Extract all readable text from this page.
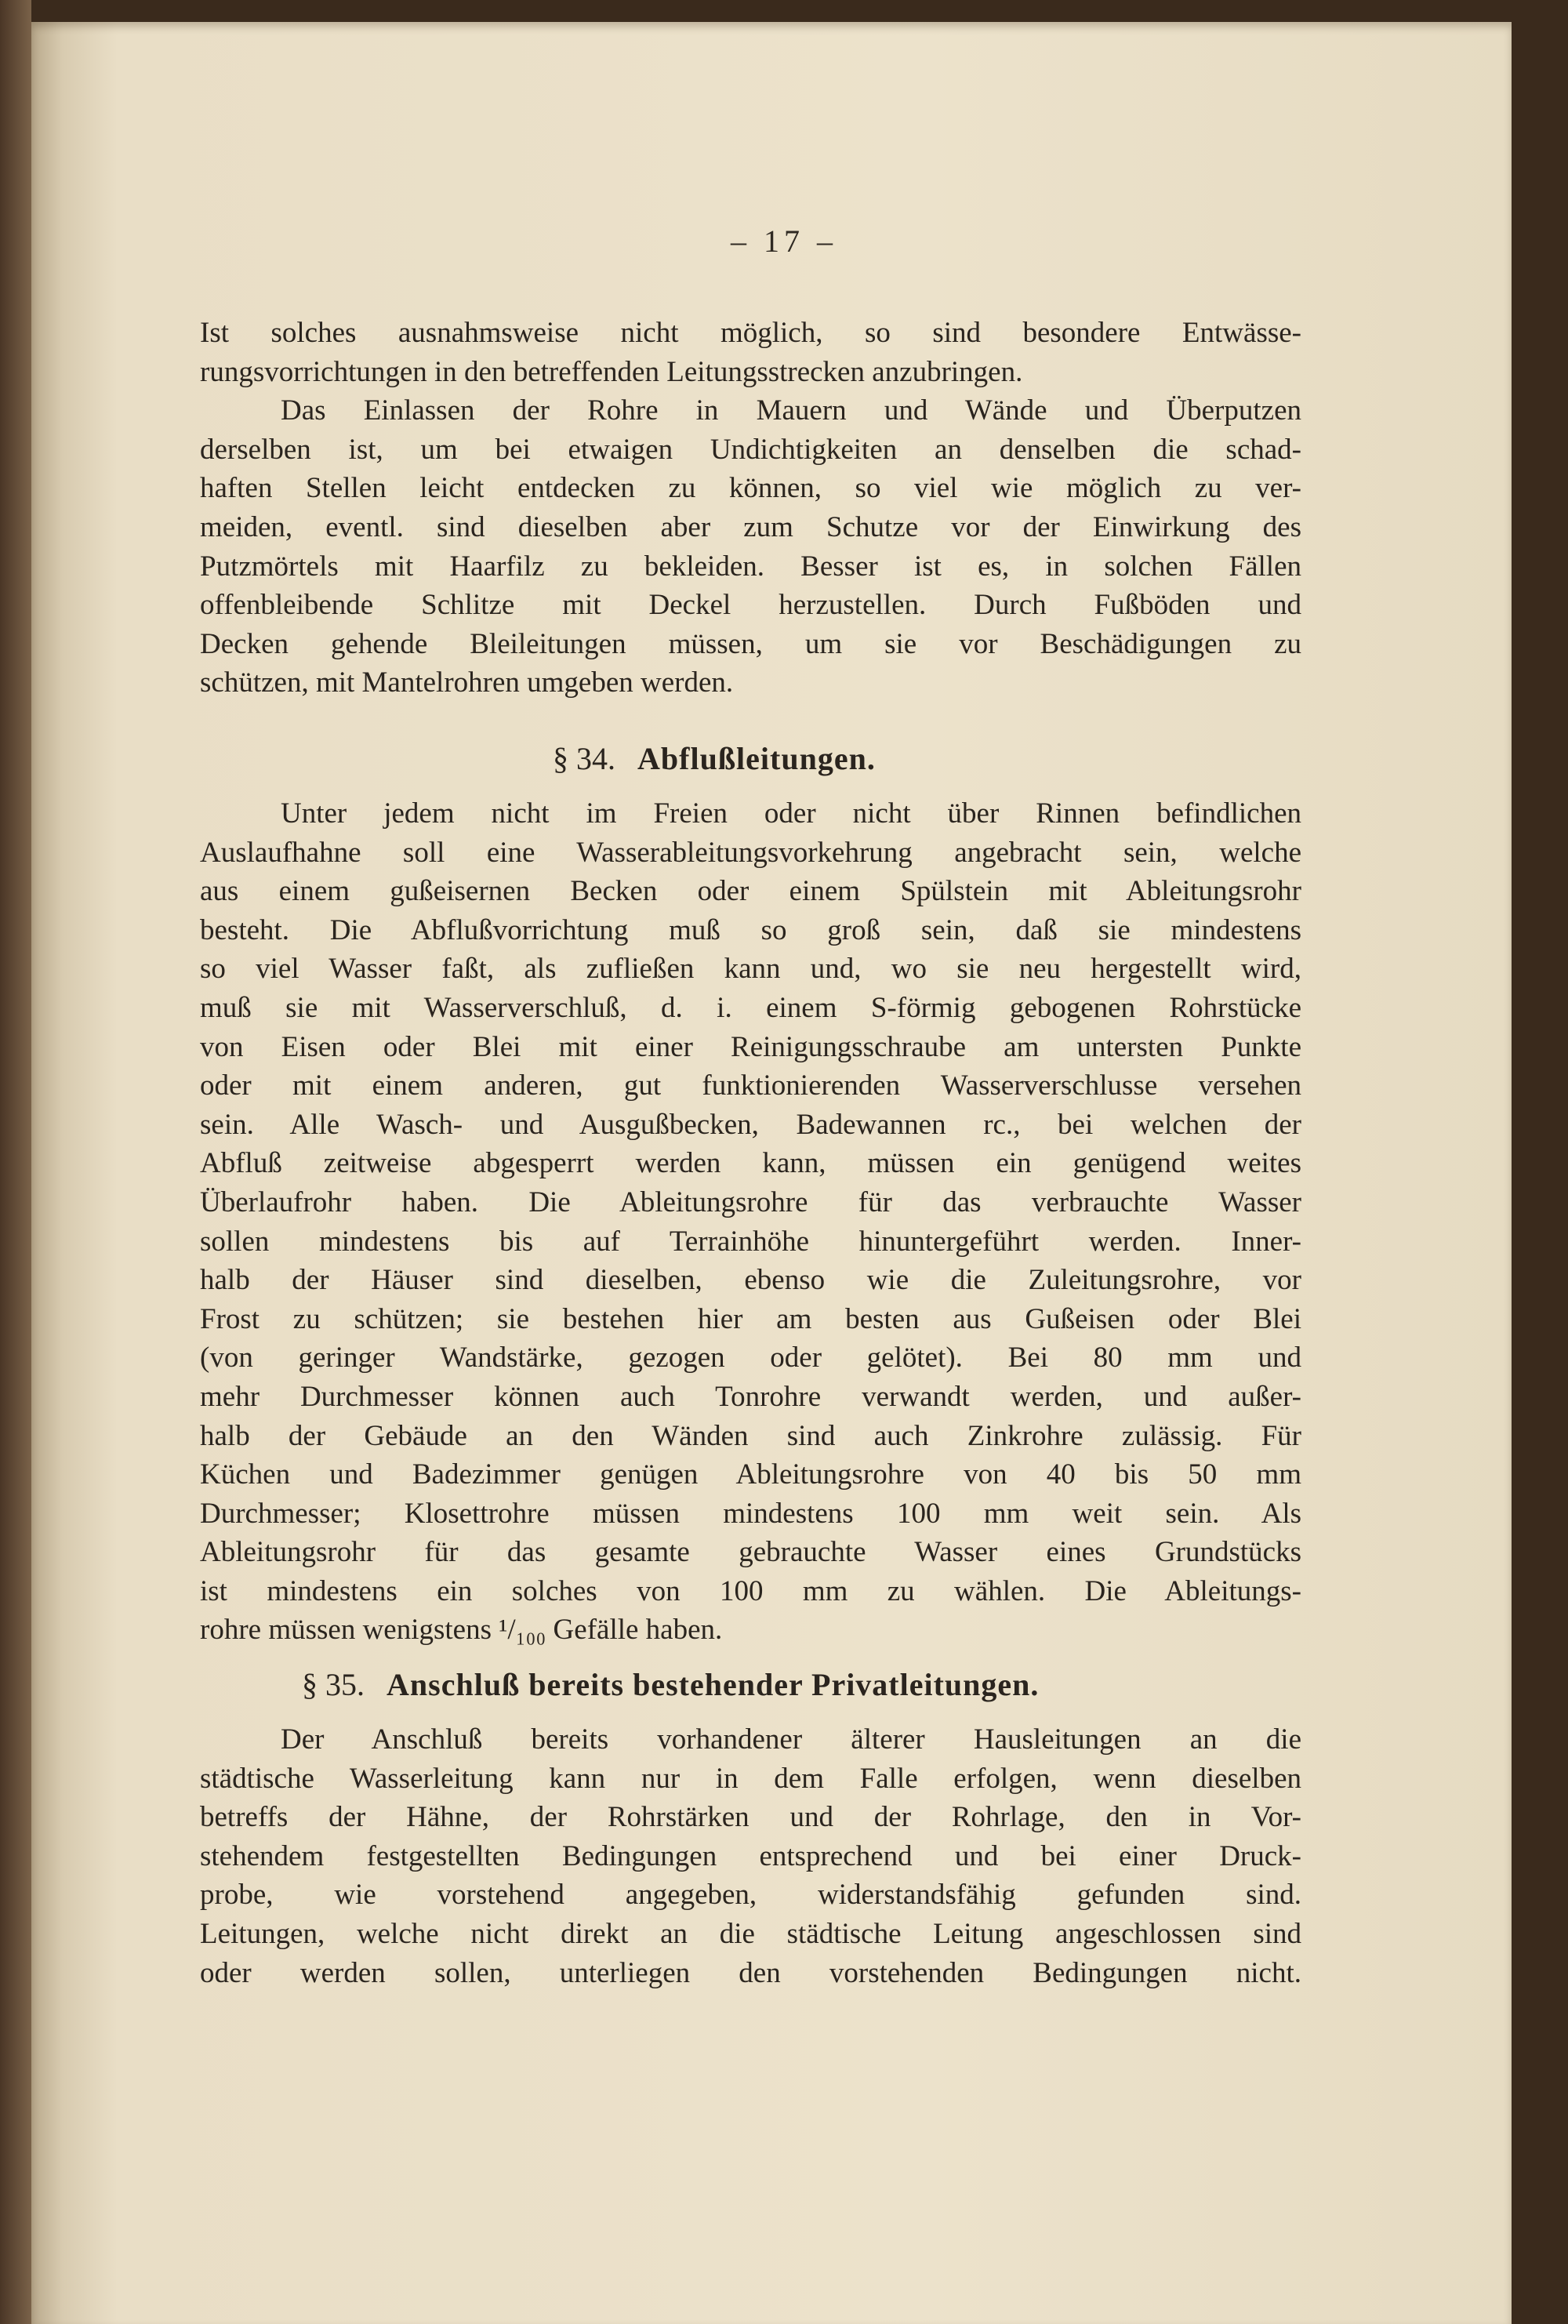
– 17 –
Ist solches ausnahmsweise nicht möglich, so sind besondere Entwässe-
rungsvorrichtungen in den betreffenden Leitungsstrecken anzubringen.
Das Einlassen der Rohre in Mauern und Wände und Überputzen
derselben ist, um bei etwaigen Undichtigkeiten an denselben die schad-
haften Stellen leicht entdecken zu können, so viel wie möglich zu ver-
meiden, eventl. sind dieselben aber zum Schutze vor der Einwirkung des
Putzmörtels mit Haarfilz zu bekleiden. Besser ist es, in solchen Fällen
offenbleibende Schlitze mit Deckel herzustellen. Durch Fußböden und
Decken gehende Bleileitungen müssen, um sie vor Beschädigungen zu
schützen, mit Mantelrohren umgeben werden.
§ 34. Abflußleitungen.
Unter jedem nicht im Freien oder nicht über Rinnen befindlichen
Auslaufhahne soll eine Wasserableitungsvorkehrung angebracht sein, welche
aus einem gußeisernen Becken oder einem Spülstein mit Ableitungsrohr
besteht. Die Abflußvorrichtung muß so groß sein, daß sie mindestens
so viel Wasser faßt, als zufließen kann und, wo sie neu hergestellt wird,
muß sie mit Wasserverschluß, d. i. einem S-förmig gebogenen Rohrstücke
von Eisen oder Blei mit einer Reinigungsschraube am untersten Punkte
oder mit einem anderen, gut funktionierenden Wasserverschlusse versehen
sein. Alle Wasch- und Ausgußbecken, Badewannen rc., bei welchen der
Abfluß zeitweise abgesperrt werden kann, müssen ein genügend weites
Überlaufrohr haben. Die Ableitungsrohre für das verbrauchte Wasser
sollen mindestens bis auf Terrainhöhe hinuntergeführt werden. Inner-
halb der Häuser sind dieselben, ebenso wie die Zuleitungsrohre, vor
Frost zu schützen; sie bestehen hier am besten aus Gußeisen oder Blei
(von geringer Wandstärke, gezogen oder gelötet). Bei 80 mm und
mehr Durchmesser können auch Tonrohre verwandt werden, und außer-
halb der Gebäude an den Wänden sind auch Zinkrohre zulässig. Für
Küchen und Badezimmer genügen Ableitungsrohre von 40 bis 50 mm
Durchmesser; Klosettrohre müssen mindestens 100 mm weit sein. Als
Ableitungsrohr für das gesamte gebrauchte Wasser eines Grundstücks
ist mindestens ein solches von 100 mm zu wählen. Die Ableitungs-
rohre müssen wenigstens ¹/₁₀₀ Gefälle haben.
§ 35. Anschluß bereits bestehender Privatleitungen.
Der Anschluß bereits vorhandener älterer Hausleitungen an die
städtische Wasserleitung kann nur in dem Falle erfolgen, wenn dieselben
betreffs der Hähne, der Rohrstärken und der Rohrlage, den in Vor-
stehendem festgestellten Bedingungen entsprechend und bei einer Druck-
probe, wie vorstehend angegeben, widerstandsfähig gefunden sind.
Leitungen, welche nicht direkt an die städtische Leitung angeschlossen sind
oder werden sollen, unterliegen den vorstehenden Bedingungen nicht.
